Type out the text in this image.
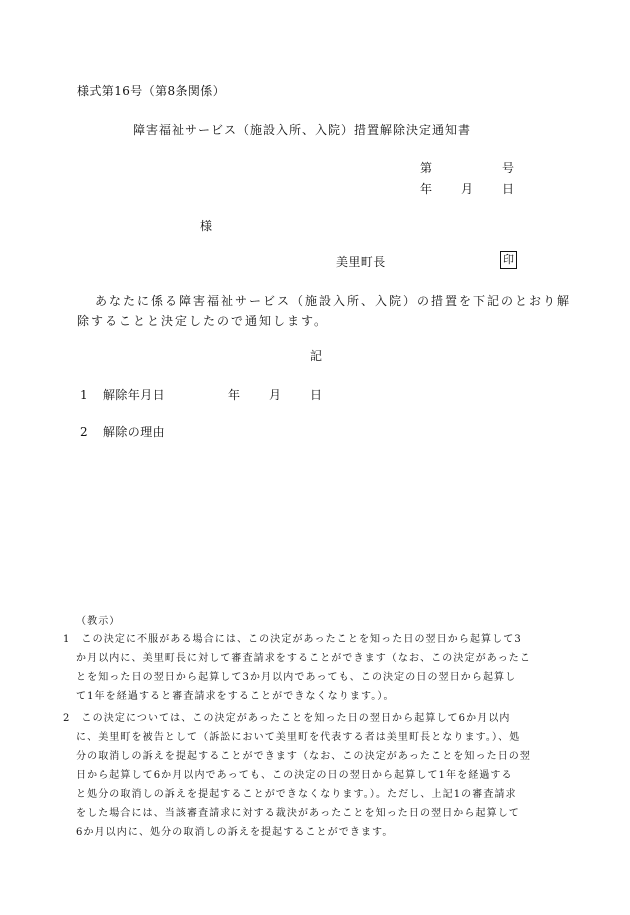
様式第16号（第8条関係）
障害福祉サービス（施設入所、入院）措置解除決定通知書
第	号
年 月 日
様
美里町長	印
あなたに係る障害福祉サービス（施設入所、入院）の措置を下記のとおり解
除することと決定したので通知します。
記
1 解除年月日	年 月 日
2 解除の理由
（教示）
1　この決定に不服がある場合には、この決定があったことを知った日の翌日から起算して3
か月以内に、美里町長に対して審査請求をすることができます（なお、この決定があったこ
とを知った日の翌日から起算して3か月以内であっても、この決定の日の翌日から起算し
て1年を経過すると審査請求をすることができなくなります。）。
2　この決定については、この決定があったことを知った日の翌日から起算して6か月以内
に、美里町を被告として（訴訟において美里町を代表する者は美里町長となります。）、処
分の取消しの訴えを提起することができます（なお、この決定があったことを知った日の翌
日から起算して6か月以内であっても、この決定の日の翌日から起算して1年を経過する
と処分の取消しの訴えを提起することができなくなります。）。ただし、上記1の審査請求
をした場合には、当該審査請求に対する裁決があったことを知った日の翌日から起算して
6か月以内に、処分の取消しの訴えを提起することができます。
